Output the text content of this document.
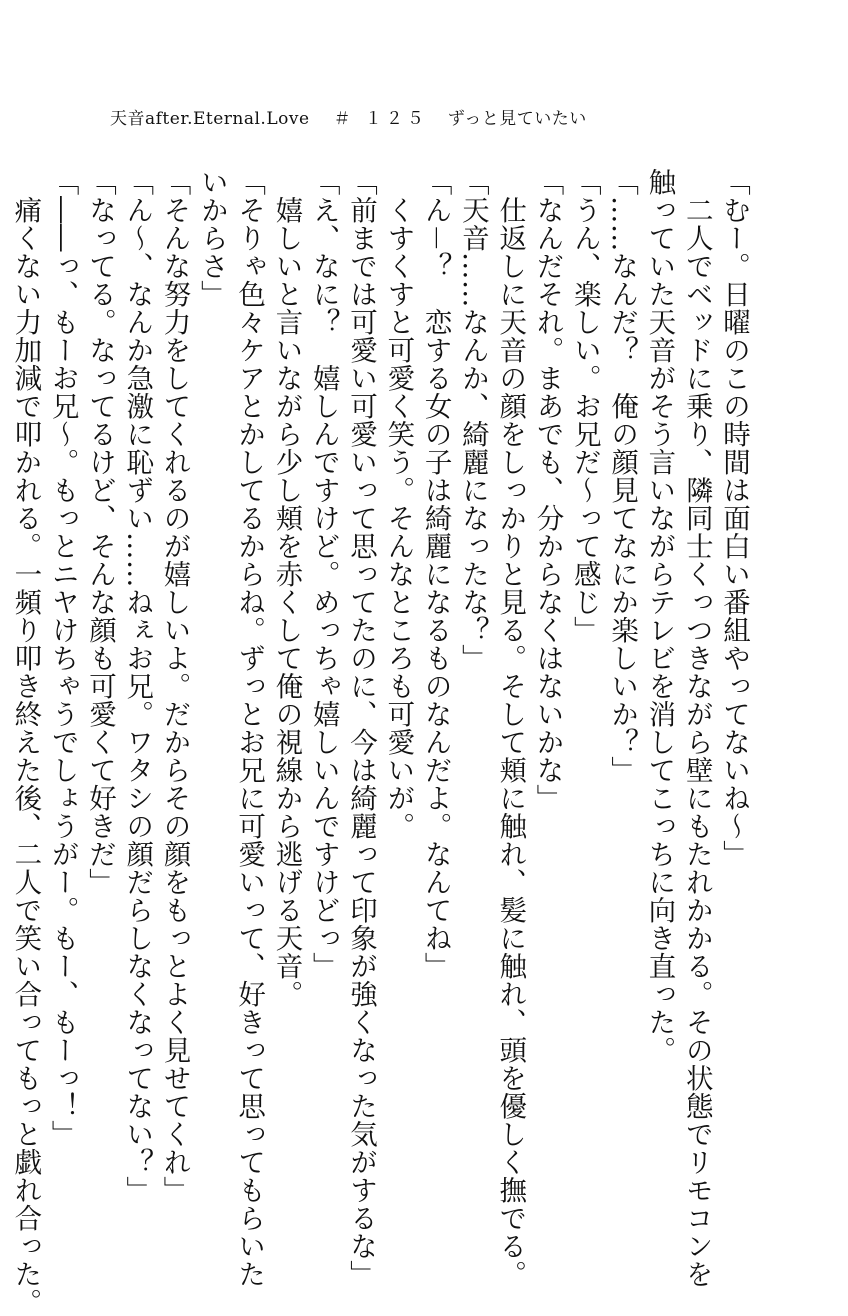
天音after.Eternal.Love ＃ １２５ ずっと見ていたい

「むー。日曜のこの時間は面白い番組やってないね～」

　二人でベッドに乗り、隣同士くっつきながら壁にもたれかかる。その状態でリモコンを

触っていた天音がそう言いながらテレビを消してこっちに向き直った。

「……なんだ？　俺の顔見てなにか楽しいか？」

「うん、楽しい。お兄だ～って感じ」

「なんだそれ。まあでも、分からなくはないかな」

　仕返しに天音の顔をしっかりと見る。そして頬に触れ、髪に触れ、頭を優しく撫でる。

「天音……なんか、綺麗になったな？」

「ん－？　恋する女の子は綺麗になるものなんだよ。なんてね」

　くすくすと可愛く笑う。そんなところも可愛いが。

「前までは可愛い可愛いって思ってたのに、今は綺麗って印象が強くなった気がするな」

「え、なに？　嬉しんですけど。めっちゃ嬉しいんですけどっ」

　嬉しいと言いながら少し頬を赤くして俺の視線から逃げる天音。

「そりゃ色々ケアとかしてるからね。ずっとお兄に可愛いって、好きって思ってもらいた

いからさ」

「そんな努力をしてくれるのが嬉しいよ。だからその顔をもっとよく見せてくれ」

「ん～、なんか急激に恥ずい……ねぇお兄。ワタシの顔だらしなくなってない？」

「なってる。なってるけど、そんな顔も可愛くて好きだ」

「――っ、もーお兄～。もっとニヤけちゃうでしょうがー。もー、もーっ！」

　痛くない力加減で叩かれる。一頻り叩き終えた後、二人で笑い合ってもっと戯れ合った。
